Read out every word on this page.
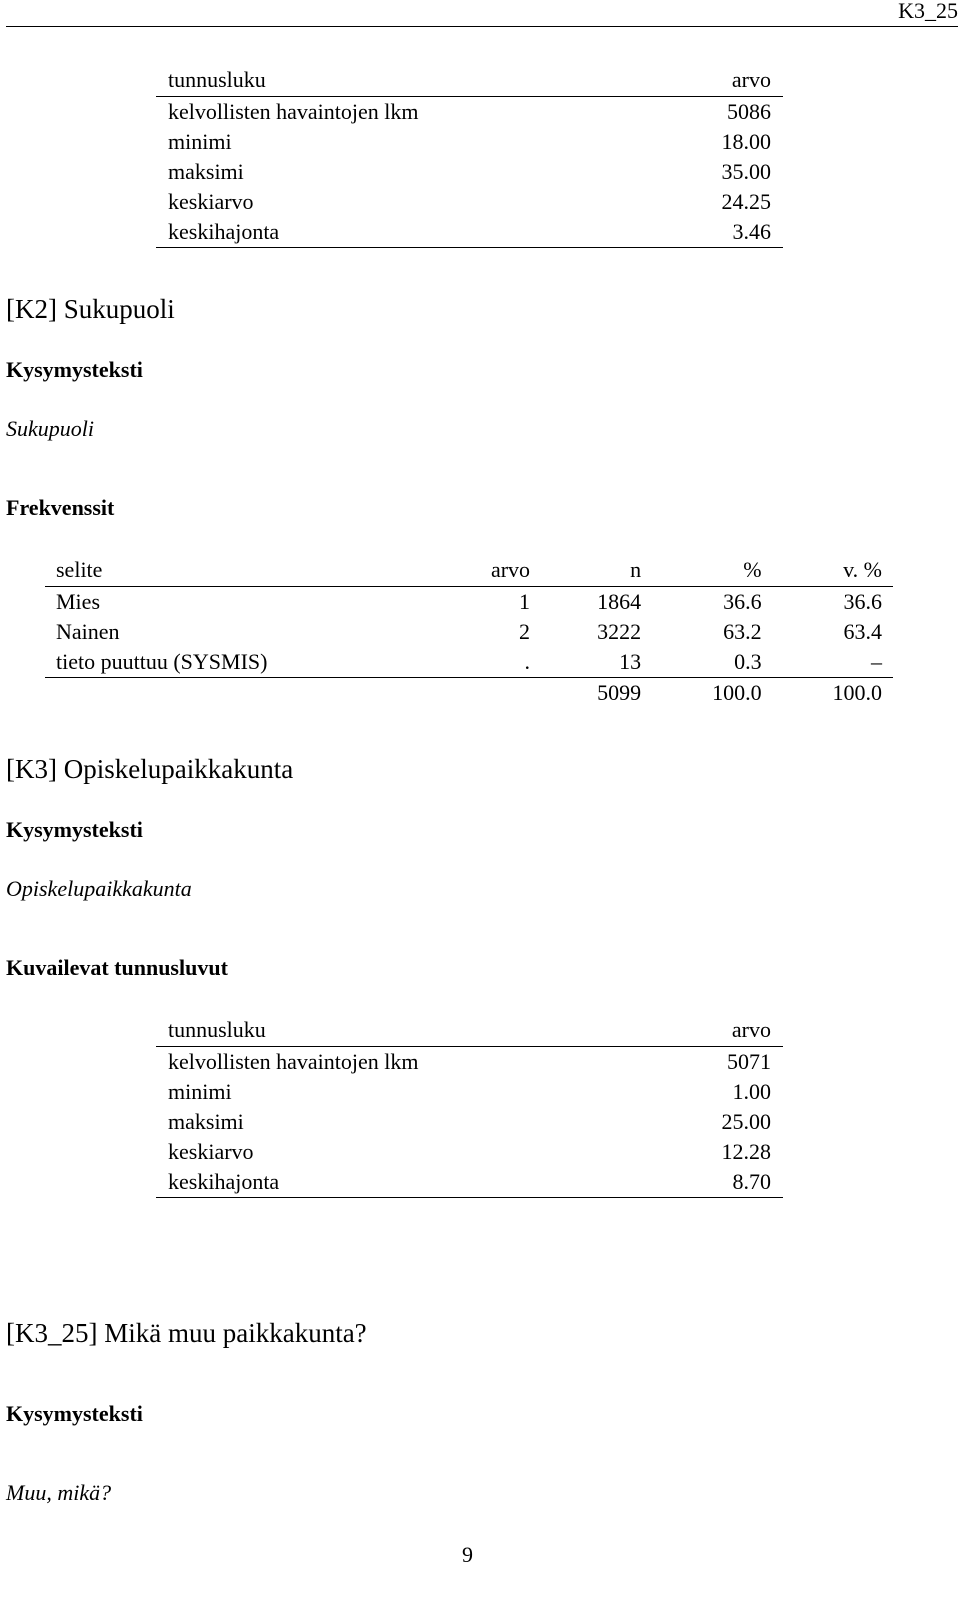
K3_25
tunnusluku	arvo
kelvollisten havaintojen lkm	5086
minimi	18.00
maksimi	35.00
keskiarvo	24.25
keskihajonta	3.46
[K2] Sukupuoli
Kysymysteksti
Sukupuoli
Frekvenssit
selite	arvo	n	%	v. %
Mies	1	1864	36.6	36.6
Nainen	2	3222	63.2	63.4
tieto puuttuu (SYSMIS)	.	13	0.3	–
		5099	100.0	100.0
[K3] Opiskelupaikkakunta
Kysymysteksti
Opiskelupaikkakunta
Kuvailevat tunnusluvut
tunnusluku	arvo
kelvollisten havaintojen lkm	5071
minimi	1.00
maksimi	25.00
keskiarvo	12.28
keskihajonta	8.70
[K3_25] Mikä muu paikkakunta?
Kysymysteksti
Muu, mikä?
9
